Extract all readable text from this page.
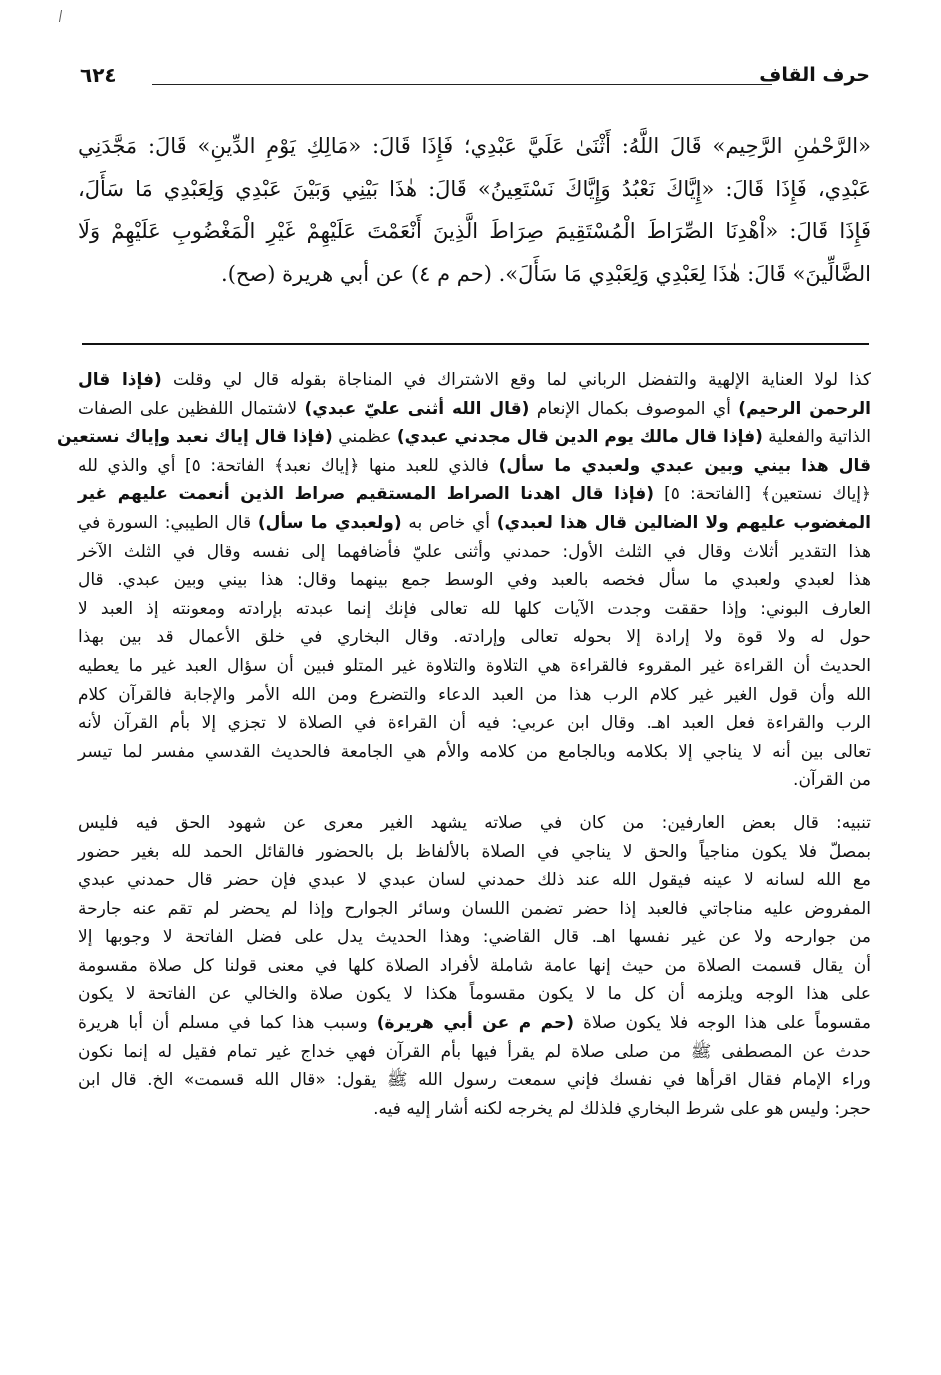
حرف القاف
٦٢٤
«الرَّحْمٰنِ الرَّحِيم» قَالَ اللَّهُ: أَثْنَىٰ عَلَيَّ عَبْدِي؛ فَإِذَا قَالَ: «مَالِكِ يَوْمِ الدِّينِ» قَالَ: مَجَّدَنِي
عَبْدِي، فَإِذَا قَالَ: «إِيَّاكَ نَعْبُدُ وَإِيَّاكَ نَسْتَعِينُ» قَالَ: هٰذَا بَيْنِي وَبَيْنَ عَبْدِي وَلِعَبْدِي مَا سَأَلَ،
فَإِذَا قَالَ: «اْهْدِنَا الصِّرَاطَ الْمُسْتَقِيمَ صِرَاطَ الَّذِينَ أَنْعَمْتَ عَلَيْهِمْ غَيْرِ الْمَغْضُوبِ عَلَيْهِمْ وَلَا
الضَّالِّينَ» قَالَ: هٰذَا لِعَبْدِي وَلِعَبْدِي مَا سَأَلَ». (حم م ٤) عن أبي هريرة (صح).
كذا لولا العناية الإلهية والتفضل الرباني لما وقع الاشتراك في المناجاة بقوله قال لي وقلت (فإذا قال
الرحمن الرحيم) أي الموصوف بكمال الإنعام (قال الله أثنى عليّ عبدي) لاشتمال اللفظين على الصفات
الذاتية والفعلية (فإذا قال مالك يوم الدين قال مجدني عبدي) عظمني (فإذا قال إياك نعبد وإياك نستعين
قال هذا بيني وبين عبدي ولعبدي ما سأل) فالذي للعبد منها ﴿إياك نعبد﴾ الفاتحة: ٥] أي والذي لله
﴿إياك نستعين﴾ [الفاتحة: ٥] (فإذا قال اهدنا الصراط المستقيم صراط الذين أنعمت عليهم غير
المغضوب عليهم ولا الضالين قال هذا لعبدي) أي خاص به (ولعبدي ما سأل) قال الطيبي: السورة في
هذا التقدير أثلاث وقال في الثلث الأول: حمدني وأثنى عليّ فأضافهما إلى نفسه وقال في الثلث الآخر
هذا لعبدي ولعبدي ما سأل فخصه بالعبد وفي الوسط جمع بينهما وقال: هذا بيني وبين عبدي. قال
العارف البوني: وإذا حققت وجدت الآيات كلها لله تعالى فإنك إنما عبدته بإرادته ومعونته إذ العبد لا
حول له ولا قوة ولا إرادة إلا بحوله تعالى وإرادته. وقال البخاري في خلق الأعمال قد بين بهذا
الحديث أن القراءة غير المقروء فالقراءة هي التلاوة والتلاوة غير المتلو فبين أن سؤال العبد غير ما يعطيه
الله وأن قول الغير غير كلام الرب هذا من العبد الدعاء والتضرع ومن الله الأمر والإجابة فالقرآن كلام
الرب والقراءة فعل العبد اهـ. وقال ابن عربي: فيه أن القراءة في الصلاة لا تجزي إلا بأم القرآن لأنه
تعالى بين أنه لا يناجي إلا بكلامه وبالجامع من كلامه والأم هي الجامعة فالحديث القدسي مفسر لما تيسر
من القرآن.
تنبيه: قال بعض العارفين: من كان في صلاته يشهد الغير معرى عن شهود الحق فيه فليس
بمصلّ فلا يكون مناجياً والحق لا يناجي في الصلاة بالألفاظ بل بالحضور فالقائل الحمد لله بغير حضور
مع الله لسانه لا عينه فيقول الله عند ذلك حمدني لسان عبدي لا عبدي فإن حضر قال حمدني عبدي
المفروض عليه مناجاتي فالعبد إذا حضر تضمن اللسان وسائر الجوارح وإذا لم يحضر لم تقم عنه جارحة
من جوارحه ولا عن غير نفسها اهـ. قال القاضي: وهذا الحديث يدل على فضل الفاتحة لا وجوبها إلا
أن يقال قسمت الصلاة من حيث إنها عامة شاملة لأفراد الصلاة كلها في معنى قولنا كل صلاة مقسومة
على هذا الوجه ويلزمه أن كل ما لا يكون مقسوماً هكذا لا يكون صلاة والخالي عن الفاتحة لا يكون
مقسوماً على هذا الوجه فلا يكون صلاة (حم م عن أبي هريرة) وسبب هذا كما في مسلم أن أبا هريرة
حدث عن المصطفى ﷺ من صلى صلاة لم يقرأ فيها بأم القرآن فهي خداج غير تمام فقيل له إنما نكون
وراء الإمام فقال اقرأها في نفسك فإني سمعت رسول الله ﷺ يقول: «قال الله قسمت» الخ. قال ابن
حجر: وليس هو على شرط البخاري فلذلك لم يخرجه لكنه أشار إليه فيه.
